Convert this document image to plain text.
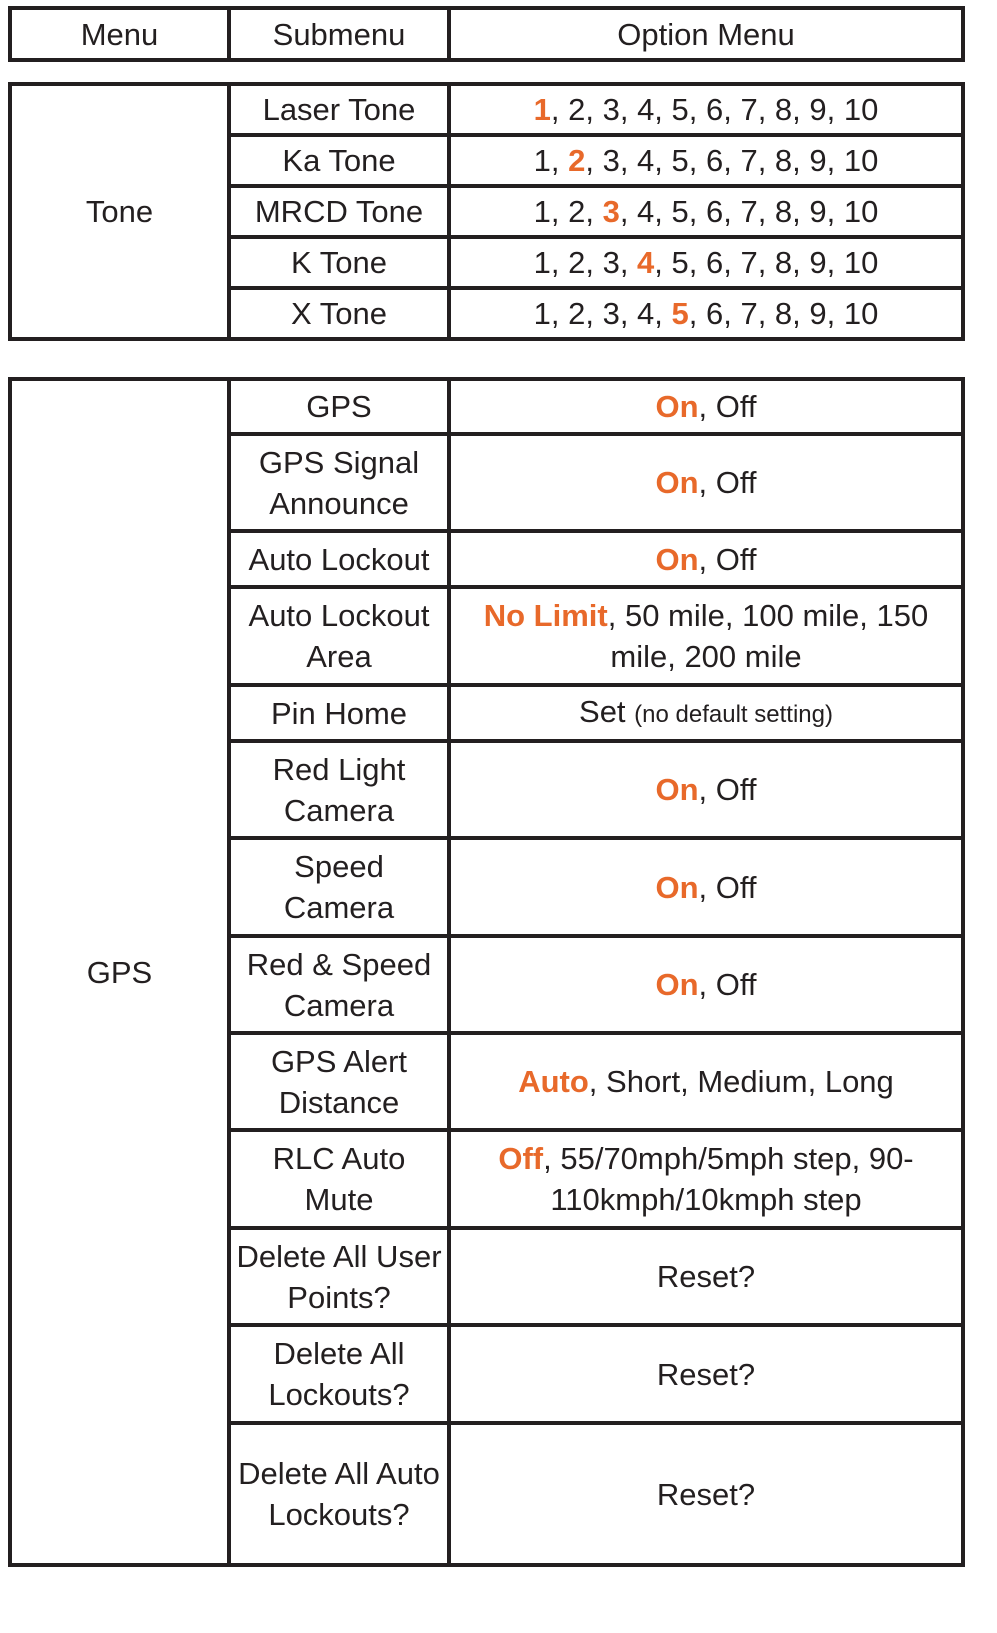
Menu	Submenu	Option Menu
Tone	Laser Tone	1, 2, 3, 4, 5, 6, 7, 8, 9, 10
	Ka Tone	1, 2, 3, 4, 5, 6, 7, 8, 9, 10
	MRCD Tone	1, 2, 3, 4, 5, 6, 7, 8, 9, 10
	K Tone	1, 2, 3, 4, 5, 6, 7, 8, 9, 10
	X Tone	1, 2, 3, 4, 5, 6, 7, 8, 9, 10
GPS	GPS	On, Off
	GPS Signal Announce	On, Off
	Auto Lockout	On, Off
	Auto Lockout Area	No Limit, 50 mile, 100 mile, 150 mile, 200 mile
	Pin Home	Set (no default setting)
	Red Light Camera	On, Off
	Speed Camera	On, Off
	Red & Speed Camera	On, Off
	GPS Alert Distance	Auto, Short, Medium, Long
	RLC Auto Mute	Off, 55/70mph/5mph step, 90-110kmph/10kmph step
	Delete All User Points?	Reset?
	Delete All Lockouts?	Reset?
	Delete All Auto Lockouts?	Reset?
